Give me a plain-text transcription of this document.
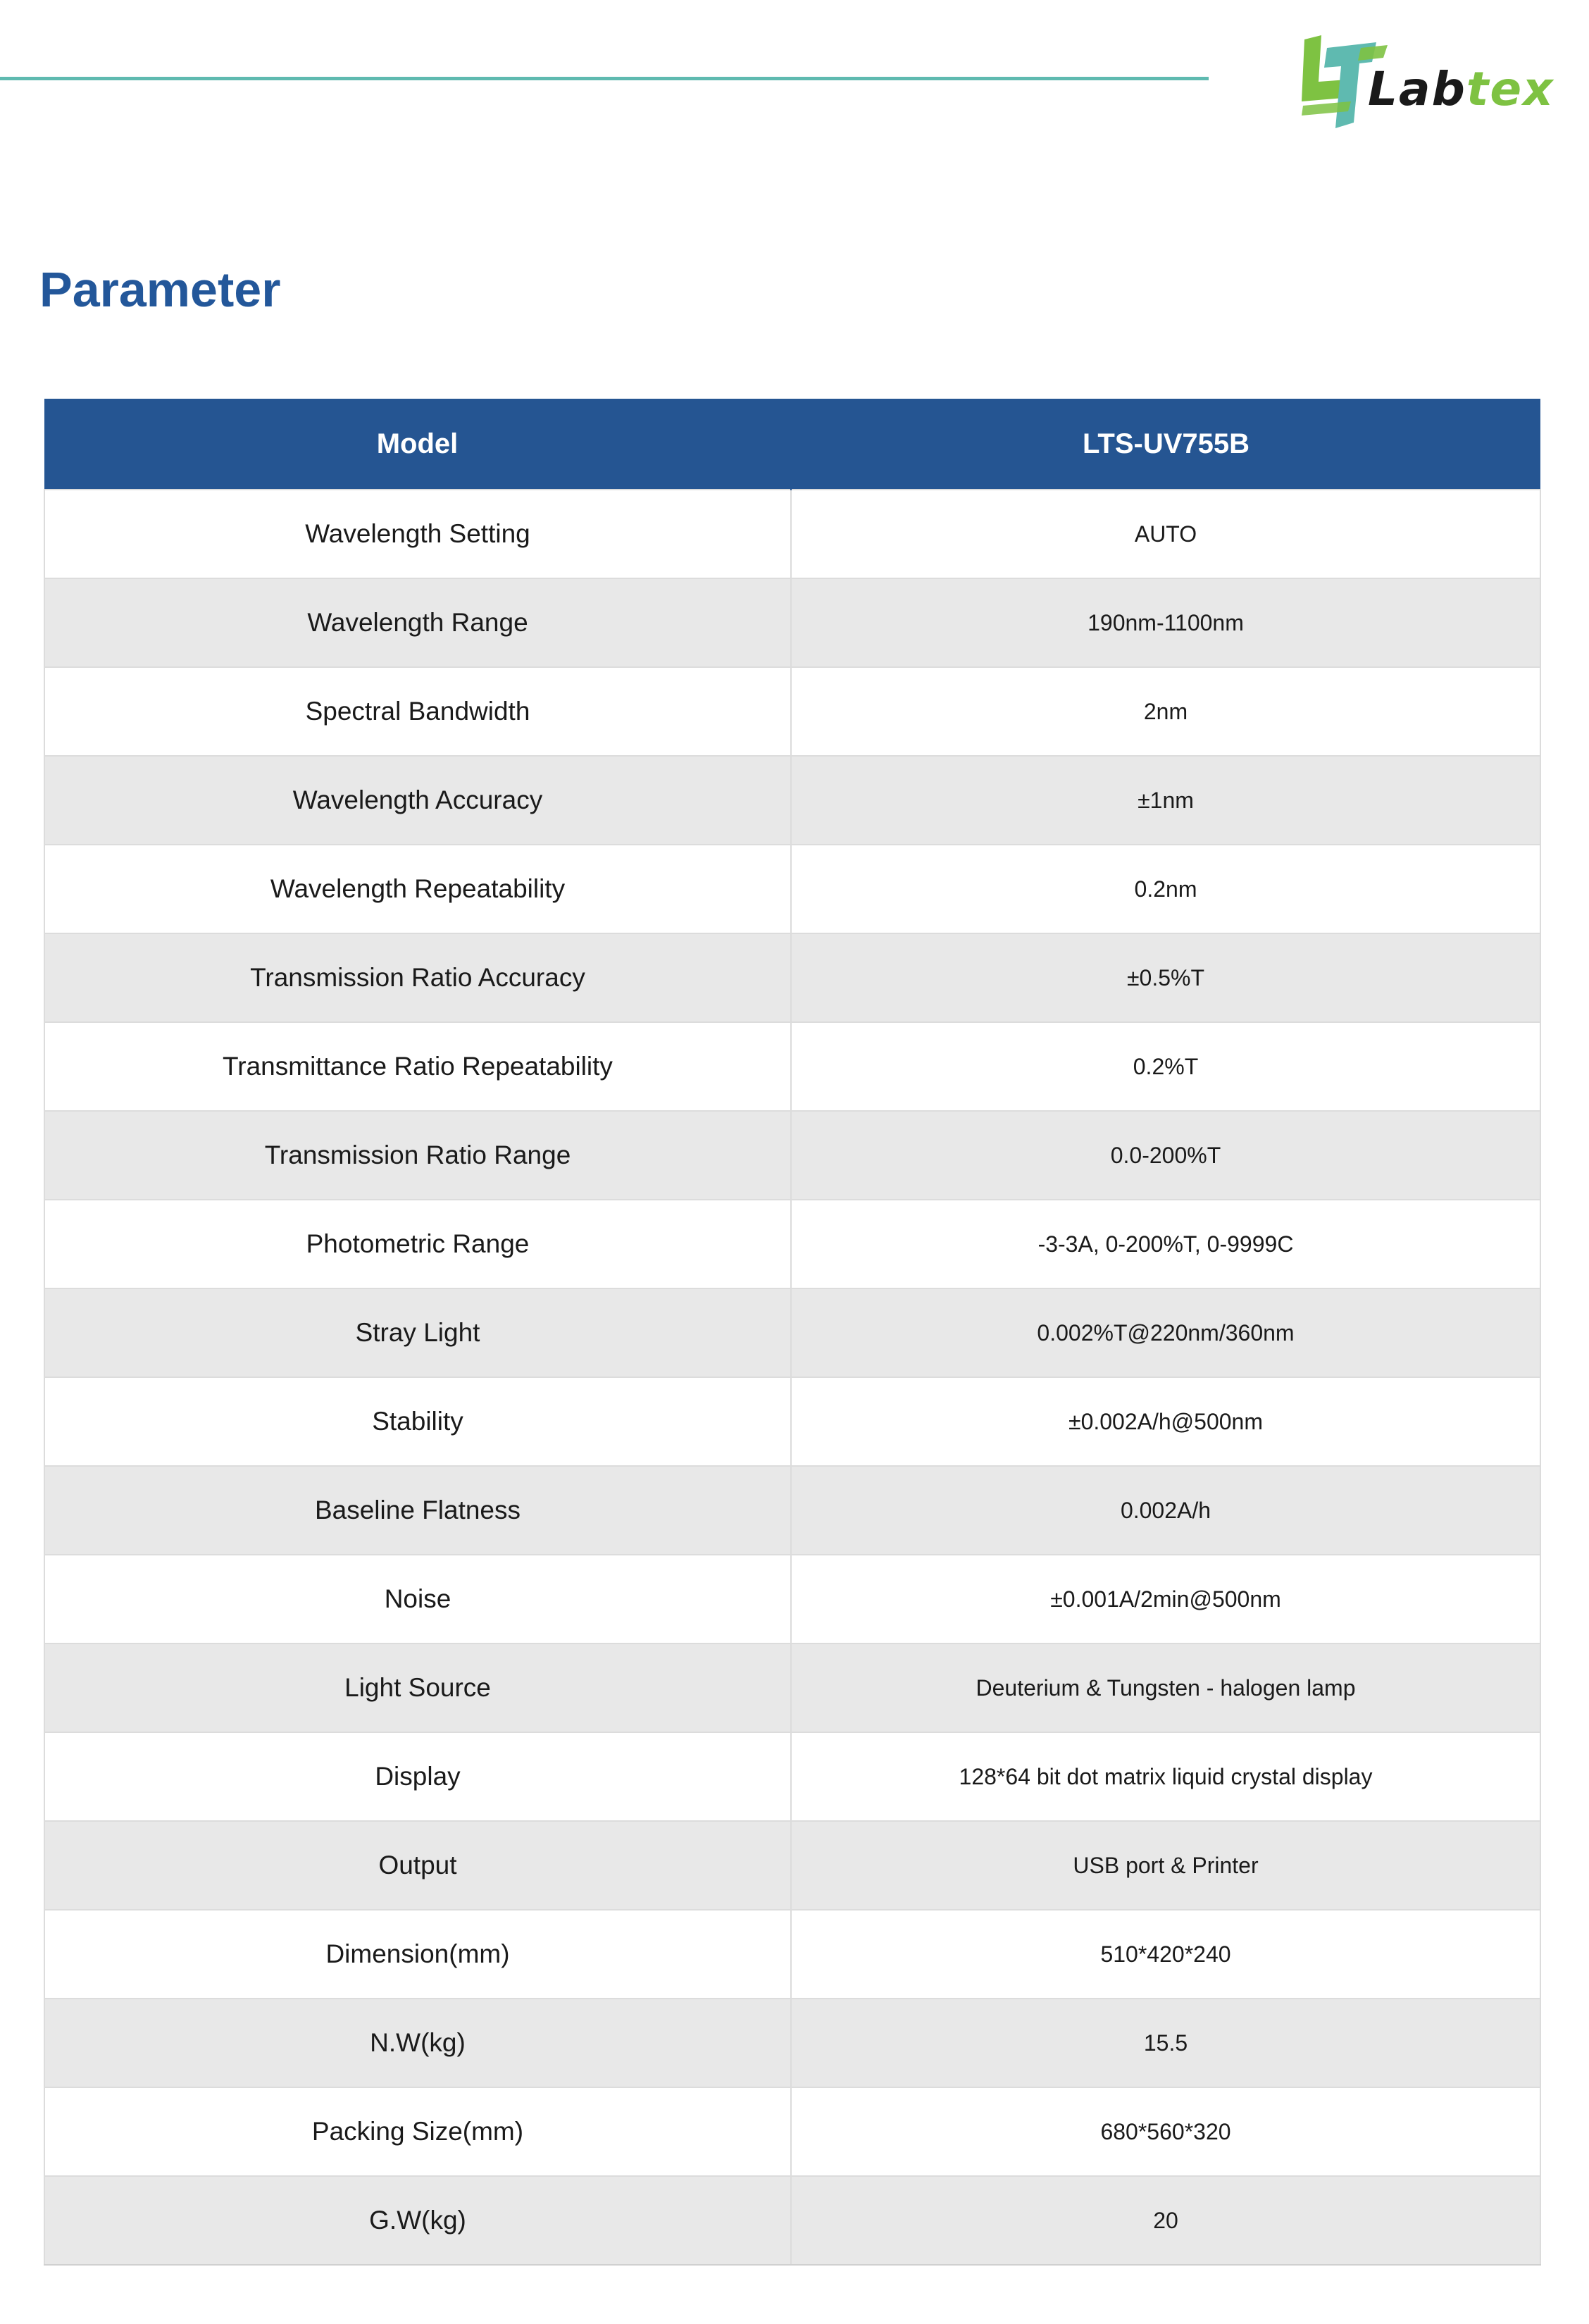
Labtex
Parameter
Model	LTS-UV755B
Wavelength Setting	AUTO
Wavelength Range	190nm-1100nm
Spectral Bandwidth	2nm
Wavelength Accuracy	±1nm
Wavelength Repeatability	0.2nm
Transmission Ratio Accuracy	±0.5%T
Transmittance Ratio Repeatability	0.2%T
Transmission Ratio Range	0.0-200%T
Photometric Range	-3-3A, 0-200%T, 0-9999C
Stray Light	0.002%T@220nm/360nm
Stability	±0.002A/h@500nm
Baseline Flatness	0.002A/h
Noise	±0.001A/2min@500nm
Light Source	Deuterium & Tungsten - halogen lamp
Display	128*64 bit dot matrix liquid crystal display
Output	USB port & Printer
Dimension(mm)	510*420*240
N.W(kg)	15.5
Packing Size(mm)	680*560*320
G.W(kg)	20
